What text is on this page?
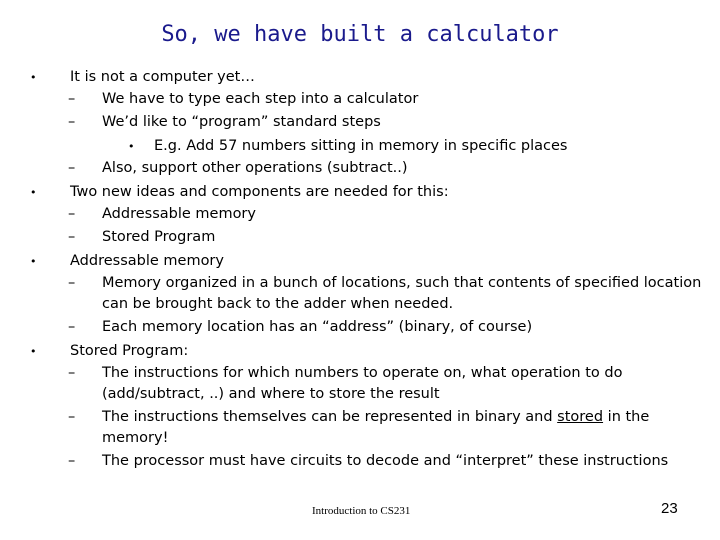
So, we have built a calculator
• It is not a computer yet…
– We have to type each step into a calculator
– We’d like to “program” standard steps
• E.g. Add 57 numbers sitting in memory in specific places
– Also, support other operations (subtract..)
• Two new ideas and components are needed for this:
– Addressable memory
– Stored Program
• Addressable memory
– Memory organized in a bunch of locations, such that contents of specified location can be brought back to the adder when needed.
– Each memory location has an “address” (binary, of course)
• Stored Program:
– The instructions for which numbers to operate on, what operation to do (add/subtract, ..) and where to store the result
– The instructions themselves can be represented in binary and stored in the memory!
– The processor must have circuits to decode and “interpret” these instructions
Introduction to CS231	23
